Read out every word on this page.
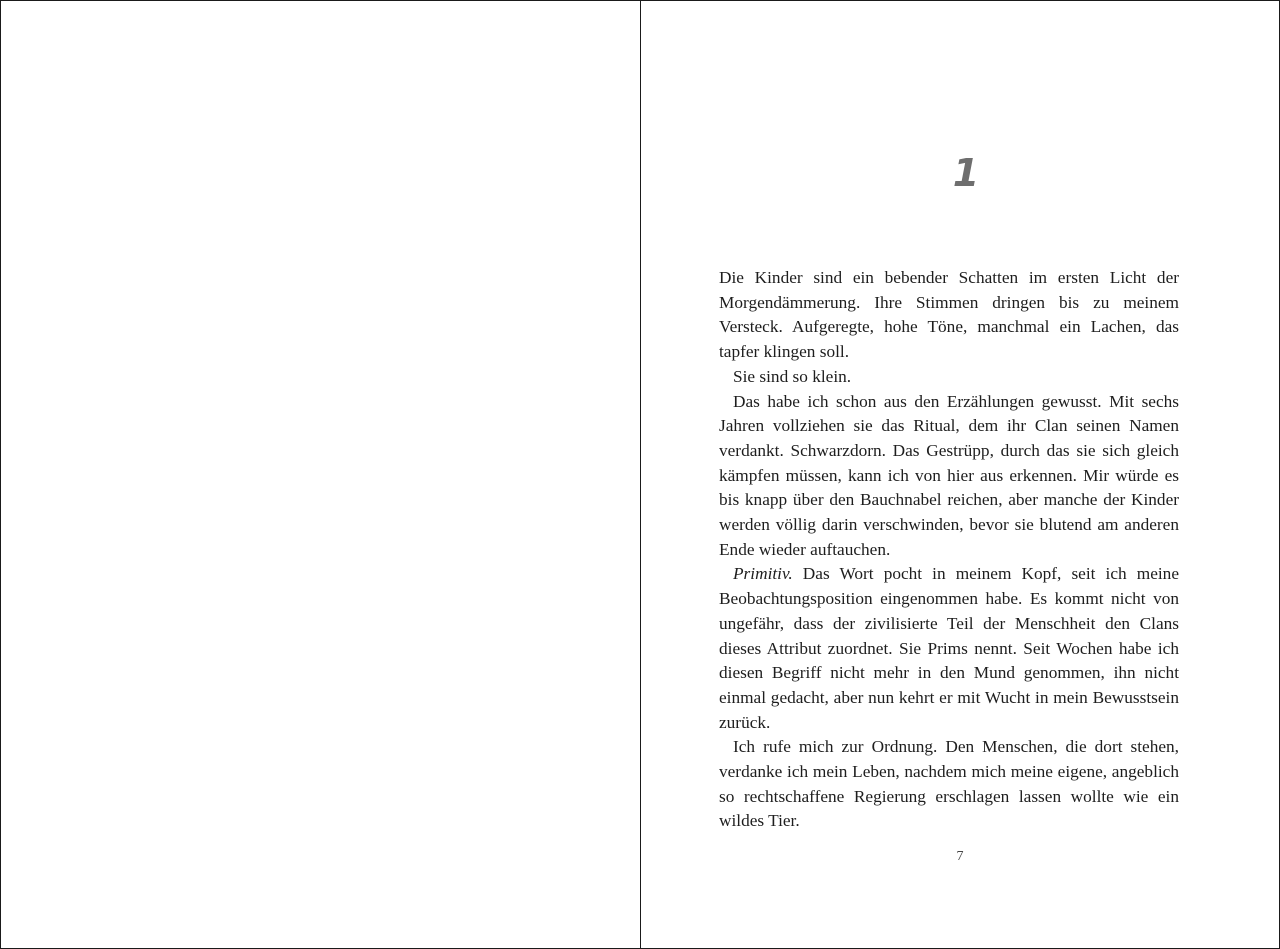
1

Die Kinder sind ein bebender Schatten im ersten Licht der Morgendämmerung. Ihre Stimmen dringen bis zu meinem Versteck. Aufgeregte, hohe Töne, manchmal ein Lachen, das tapfer klingen soll.

Sie sind so klein.

Das habe ich schon aus den Erzählungen gewusst. Mit sechs Jahren vollziehen sie das Ritual, dem ihr Clan seinen Namen verdankt. Schwarzdorn. Das Gestrüpp, durch das sie sich gleich kämpfen müssen, kann ich von hier aus erkennen. Mir würde es bis knapp über den Bauchnabel reichen, aber manche der Kinder werden völlig darin verschwinden, bevor sie blutend am anderen Ende wieder auftauchen.

Primitiv. Das Wort pocht in meinem Kopf, seit ich meine Beobachtungsposition eingenommen habe. Es kommt nicht von ungefähr, dass der zivilisierte Teil der Menschheit den Clans dieses Attribut zuordnet. Sie Prims nennt. Seit Wochen habe ich diesen Begriff nicht mehr in den Mund genommen, ihn nicht einmal gedacht, aber nun kehrt er mit Wucht in mein Bewusstsein zurück.

Ich rufe mich zur Ordnung. Den Menschen, die dort stehen, verdanke ich mein Leben, nachdem mich meine eigene, angeblich so rechtschaffene Regierung erschlagen lassen wollte wie ein wildes Tier.

7
